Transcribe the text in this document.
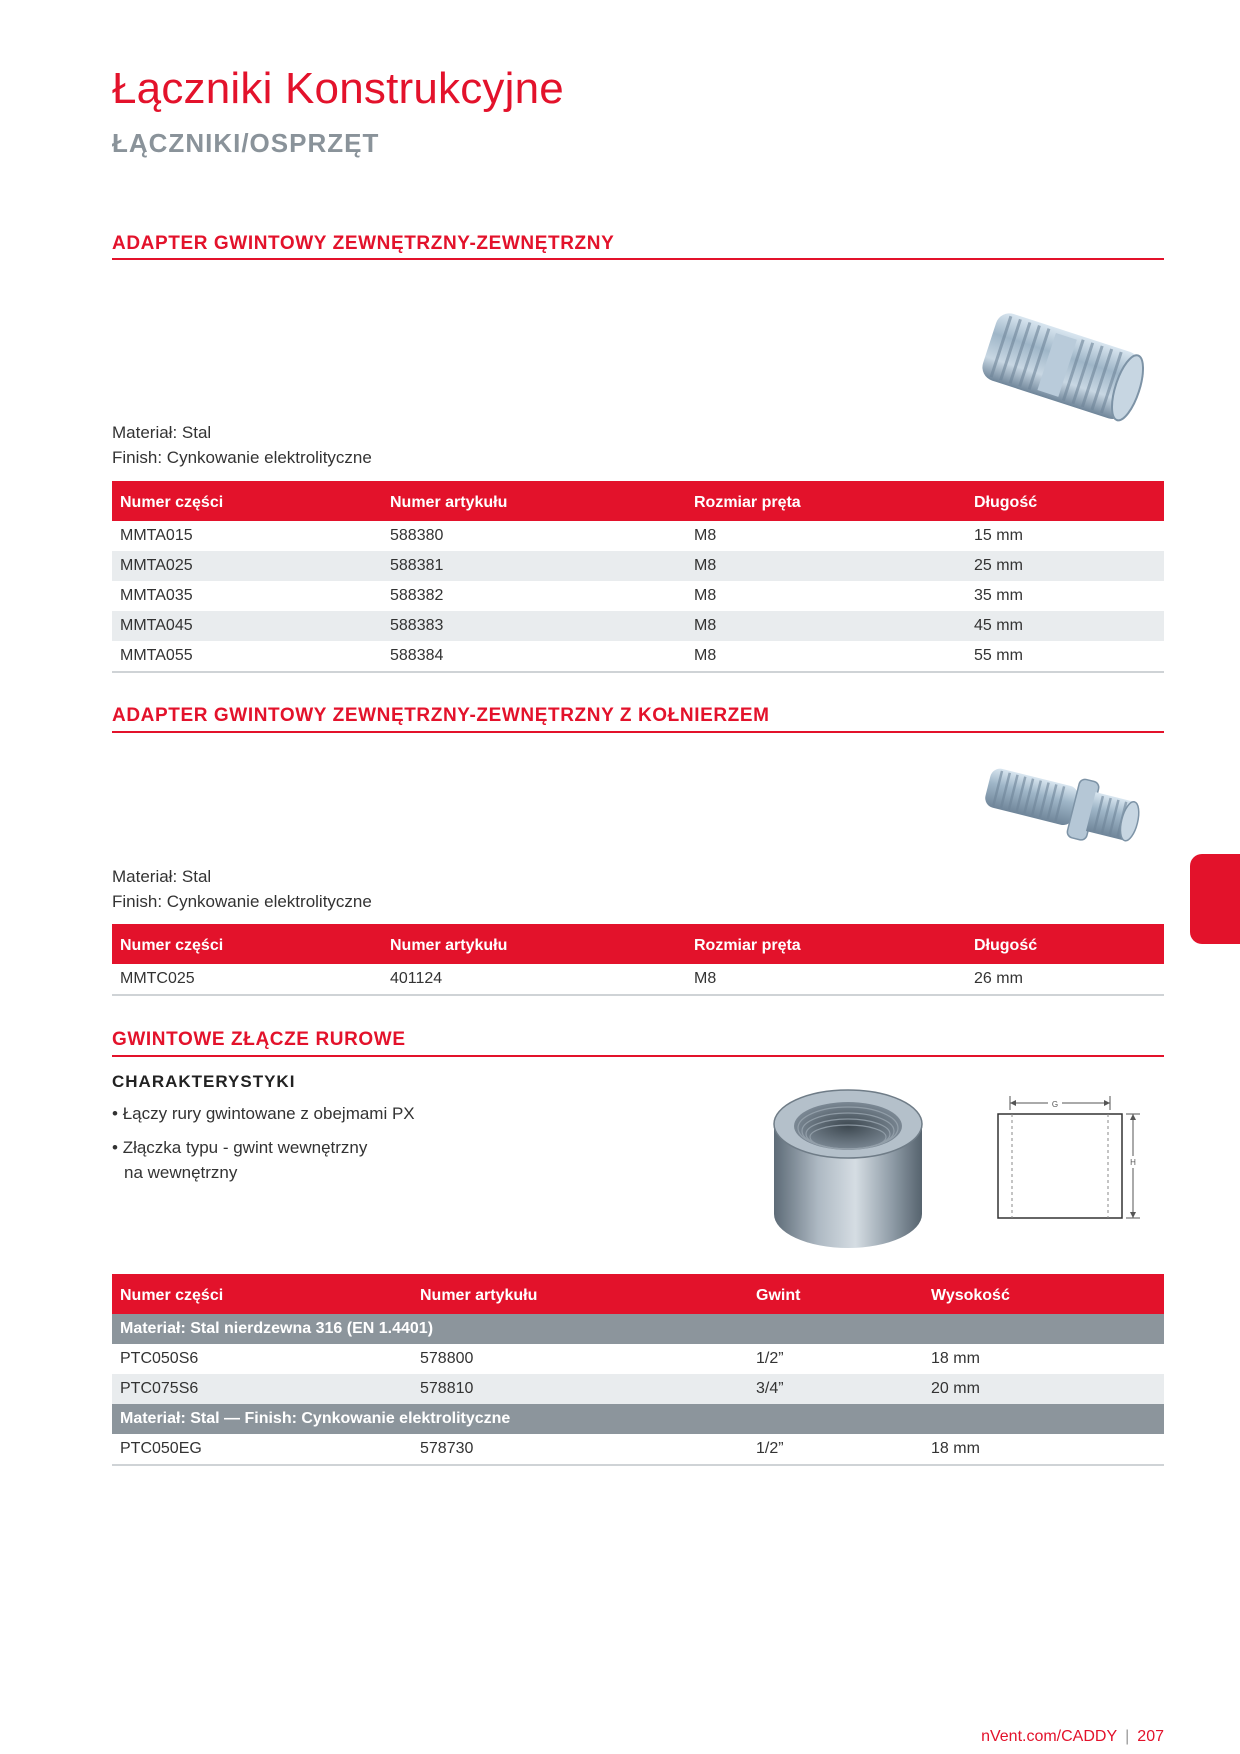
Łączniki Konstrukcyjne
ŁĄCZNIKI/OSPRZĘT
ADAPTER GWINTOWY ZEWNĘTRZNY-ZEWNĘTRZNY
Materiał: Stal
Finish: Cynkowanie elektrolityczne
Numer części	Numer artykułu	Rozmiar pręta	Długość
MMTA015	588380	M8	15 mm
MMTA025	588381	M8	25 mm
MMTA035	588382	M8	35 mm
MMTA045	588383	M8	45 mm
MMTA055	588384	M8	55 mm
ADAPTER GWINTOWY ZEWNĘTRZNY-ZEWNĘTRZNY Z KOŁNIERZEM
Materiał: Stal
Finish: Cynkowanie elektrolityczne
Numer części	Numer artykułu	Rozmiar pręta	Długość
MMTC025	401124	M8	26 mm
GWINTOWE ZŁĄCZE RUROWE
CHARAKTERYSTYKI
• Łączy rury gwintowane z obejmami PX
• Złączka typu - gwint wewnętrzny
na wewnętrzny
G
H
Numer części	Numer artykułu	Gwint	Wysokość
Materiał: Stal nierdzewna 316 (EN 1.4401)			
PTC050S6	578800	1/2”	18 mm
PTC075S6	578810	3/4”	20 mm
Materiał: Stal — Finish: Cynkowanie elektrolityczne			
PTC050EG	578730	1/2”	18 mm
nVent.com/CADDY | 207
